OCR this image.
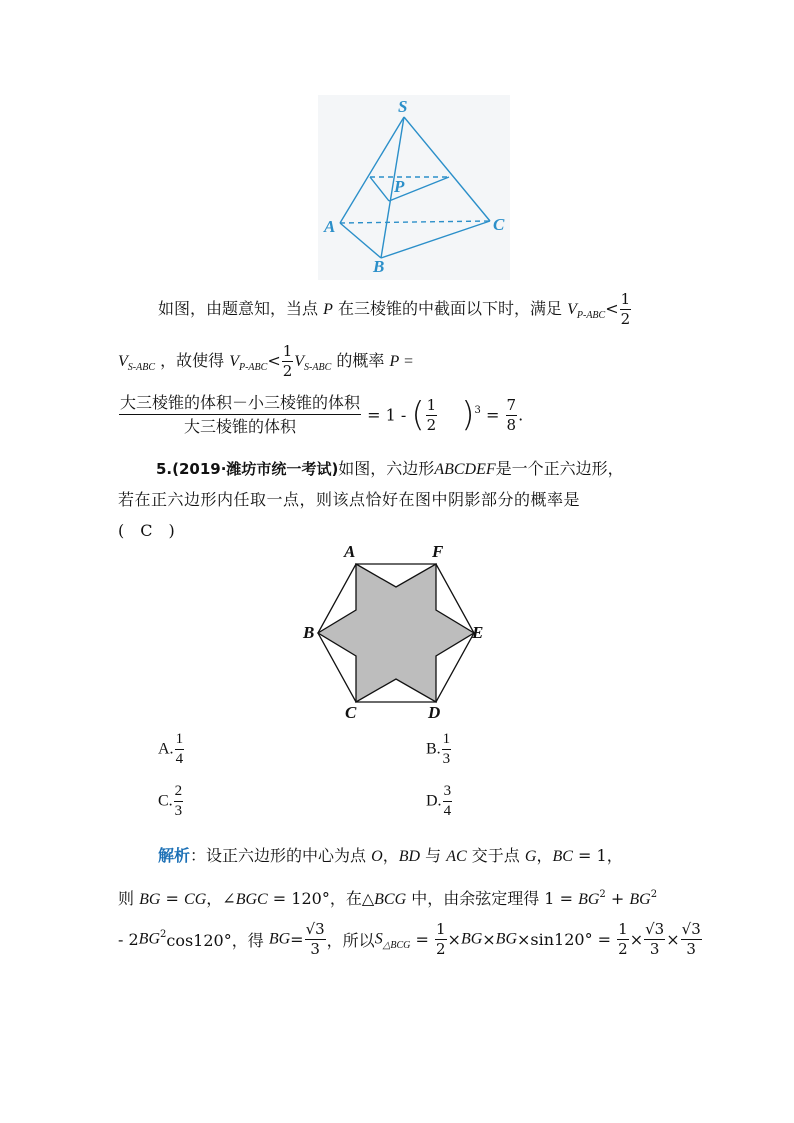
S
P
A
B
C
如图，由题意知，当点 P 在三棱锥的中截面以下时，满足 $V_{P-ABC}< \frac{1}{2}$
$V_{S-ABC}$ ，故使得 $V_{P-ABC}< \frac{1}{2} V_{S-ABC}$ 的概率 P =
$\frac{\text{大三棱锥的体积－小三棱锥的体积}}{\text{大三棱锥的体积}} = 1$ - ( $\frac{1}{2} )^3 = \frac{7}{8}$ .
5.(2019·潍坊市统一考试)如图，六边形ABCDEF是一个正六边形，
若在正六边形内任取一点，则该点恰好在图中阴影部分的概率是
(　C　)
A	F
B	E
C	D
A. $\frac{1}{4}$	B. $\frac{1}{3}$
C. $\frac{2}{3}$	D. $\frac{3}{4}$
解析：设正六边形的中心为点 O，BD 与 AC 交于点 G，BC = 1，
则 BG = CG，∠BGC = 120°，在△BCG 中，由余弦定理得 $1 = BG^2 + BG^2$
- $2BG^2\cos 120^\circ$，得 $BG= \frac{√3}{3}$ ，所以$S_{\triangle BCG} = \frac{1}{2} \times BG\times BG\times\sin 120^\circ = \frac{1}{2} \times \frac{√3}{3} \times \frac{√3}{3}$
